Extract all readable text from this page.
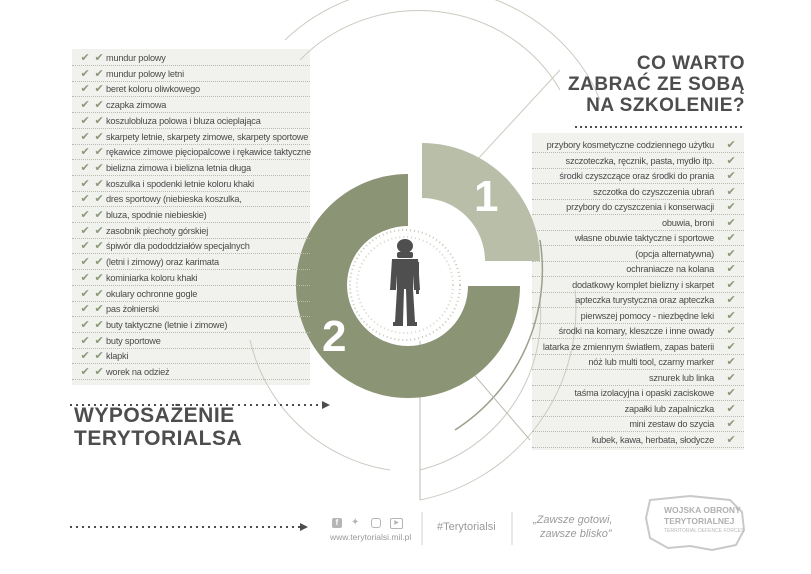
1
2
CO WARTO
ZABRAĆ ZE SOBĄ
NA SZKOLENIE?
WYPOSAŻENIE
TERYTORIALSA
✔ ✔ mundur polowy
✔ ✔ mundur polowy letni
✔ ✔ beret koloru oliwkowego
✔ ✔ czapka zimowa
✔ ✔ koszulobluza polowa i bluza ocieplająca
✔ ✔ skarpety letnie, skarpety zimowe, skarpety sportowe
✔ ✔ rękawice zimowe pięciopalcowe i rękawice taktyczne
✔ ✔ bielizna zimowa i bielizna letnia długa
✔ ✔ koszulka i spodenki letnie koloru khaki
✔ ✔ dres sportowy (niebieska koszulka,
✔ ✔ bluza, spodnie niebieskie)
✔ ✔ zasobnik piechoty górskiej
✔ ✔ śpiwór dla pododdziałów specjalnych
✔ ✔ (letni i zimowy) oraz karimata
✔ ✔ kominiarka koloru khaki
✔ ✔ okulary ochronne gogle
✔ ✔ pas żołnierski
✔ ✔ buty taktyczne (letnie i zimowe)
✔ ✔ buty sportowe
✔ ✔ klapki
✔ ✔ worek na odzież
✔
przybory kosmetyczne codziennego użytku
✔
szczoteczka, ręcznik, pasta, mydło itp.
✔
środki czyszczące oraz środki do prania
✔
szczotka do czyszczenia ubrań
✔
przybory do czyszczenia i konserwacji
✔
obuwia, broni
✔
własne obuwie taktyczne i sportowe
✔
(opcja alternatywna)
✔
ochraniacze na kolana
✔
dodatkowy komplet bielizny i skarpet
✔
apteczka turystyczna oraz apteczka
✔
pierwszej pomocy - niezbędne leki
✔
środki na komary, kleszcze i inne owady
✔
latarka ze zmiennym światłem, zapas baterii
✔
nóż lub multi tool, czarny marker
✔
sznurek lub linka
✔
taśma izolacyjna i opaski zaciskowe
✔
zapałki lub zapalniczka
✔
mini zestaw do szycia
✔
kubek, kawa, herbata, słodycze
f	✦	▶
www.terytorialsi.mil.pl
#Terytorialsi
„Zawsze gotowi,
zawsze blisko”
WOJSKA OBRONY
TERYTORIALNEJ
TERRITORIAL DEFENCE FORCES
